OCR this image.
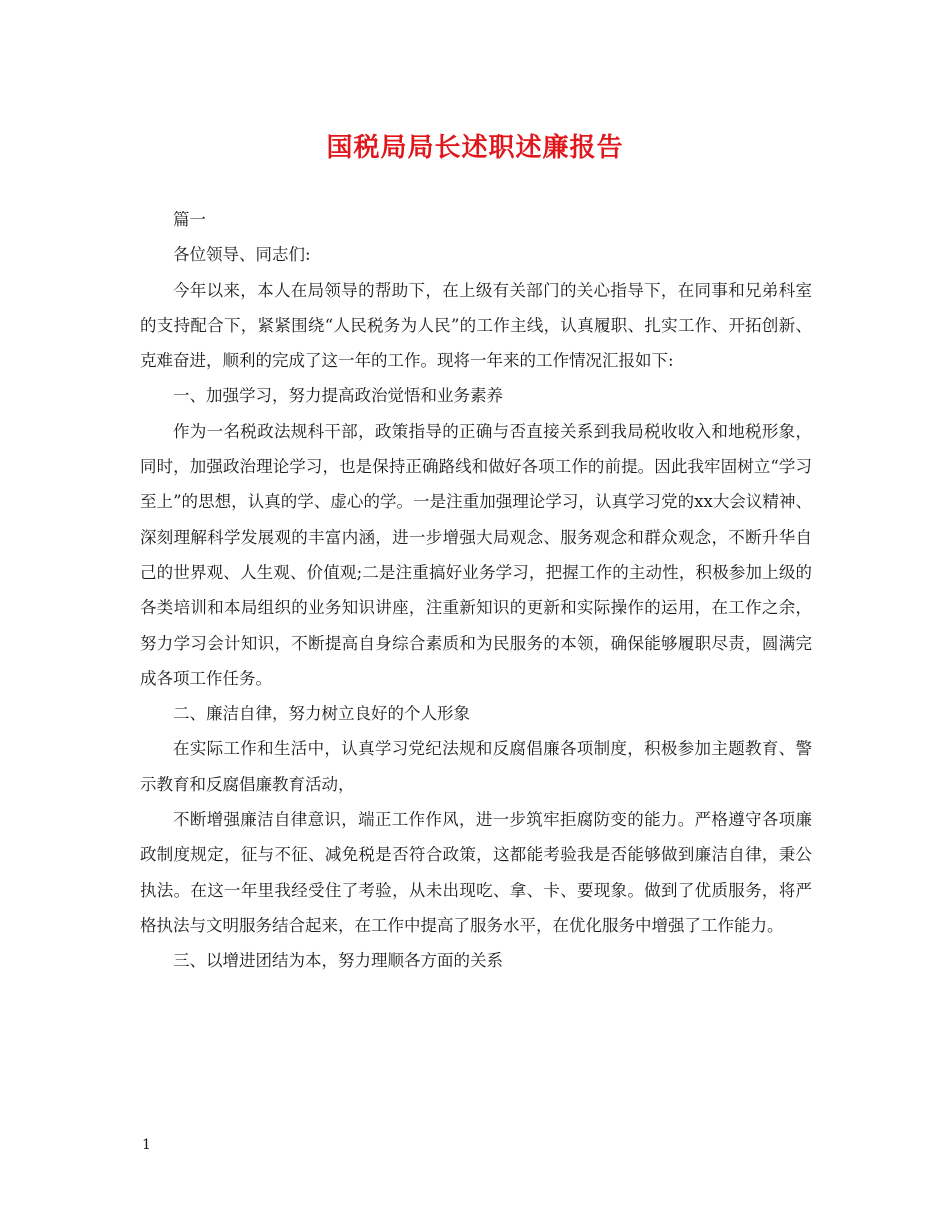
国税局局长述职述廉报告

篇一

各位领导、同志们:

今年以来，本人在局领导的帮助下，在上级有关部门的关心指导下，在同事和兄弟科室的支持配合下，紧紧围绕“人民税务为人民”的工作主线，认真履职、扎实工作、开拓创新、克难奋进，顺利的完成了这一年的工作。现将一年来的工作情况汇报如下:

一、加强学习，努力提高政治觉悟和业务素养

作为一名税政法规科干部，政策指导的正确与否直接关系到我局税收收入和地税形象，同时，加强政治理论学习，也是保持正确路线和做好各项工作的前提。因此我牢固树立“学习至上”的思想，认真的学、虚心的学。一是注重加强理论学习，认真学习党的xx大会议精神、深刻理解科学发展观的丰富内涵，进一步增强大局观念、服务观念和群众观念，不断升华自己的世界观、人生观、价值观;二是注重搞好业务学习，把握工作的主动性，积极参加上级的各类培训和本局组织的业务知识讲座，注重新知识的更新和实际操作的运用，在工作之余，努力学习会计知识，不断提高自身综合素质和为民服务的本领，确保能够履职尽责，圆满完成各项工作任务。

二、廉洁自律，努力树立良好的个人形象

在实际工作和生活中，认真学习党纪法规和反腐倡廉各项制度，积极参加主题教育、警示教育和反腐倡廉教育活动，

不断增强廉洁自律意识，端正工作作风，进一步筑牢拒腐防变的能力。严格遵守各项廉政制度规定，征与不征、减免税是否符合政策，这都能考验我是否能够做到廉洁自律，秉公执法。在这一年里我经受住了考验，从未出现吃、拿、卡、要现象。做到了优质服务，将严格执法与文明服务结合起来，在工作中提高了服务水平，在优化服务中增强了工作能力。

三、以增进团结为本，努力理顺各方面的关系

1
